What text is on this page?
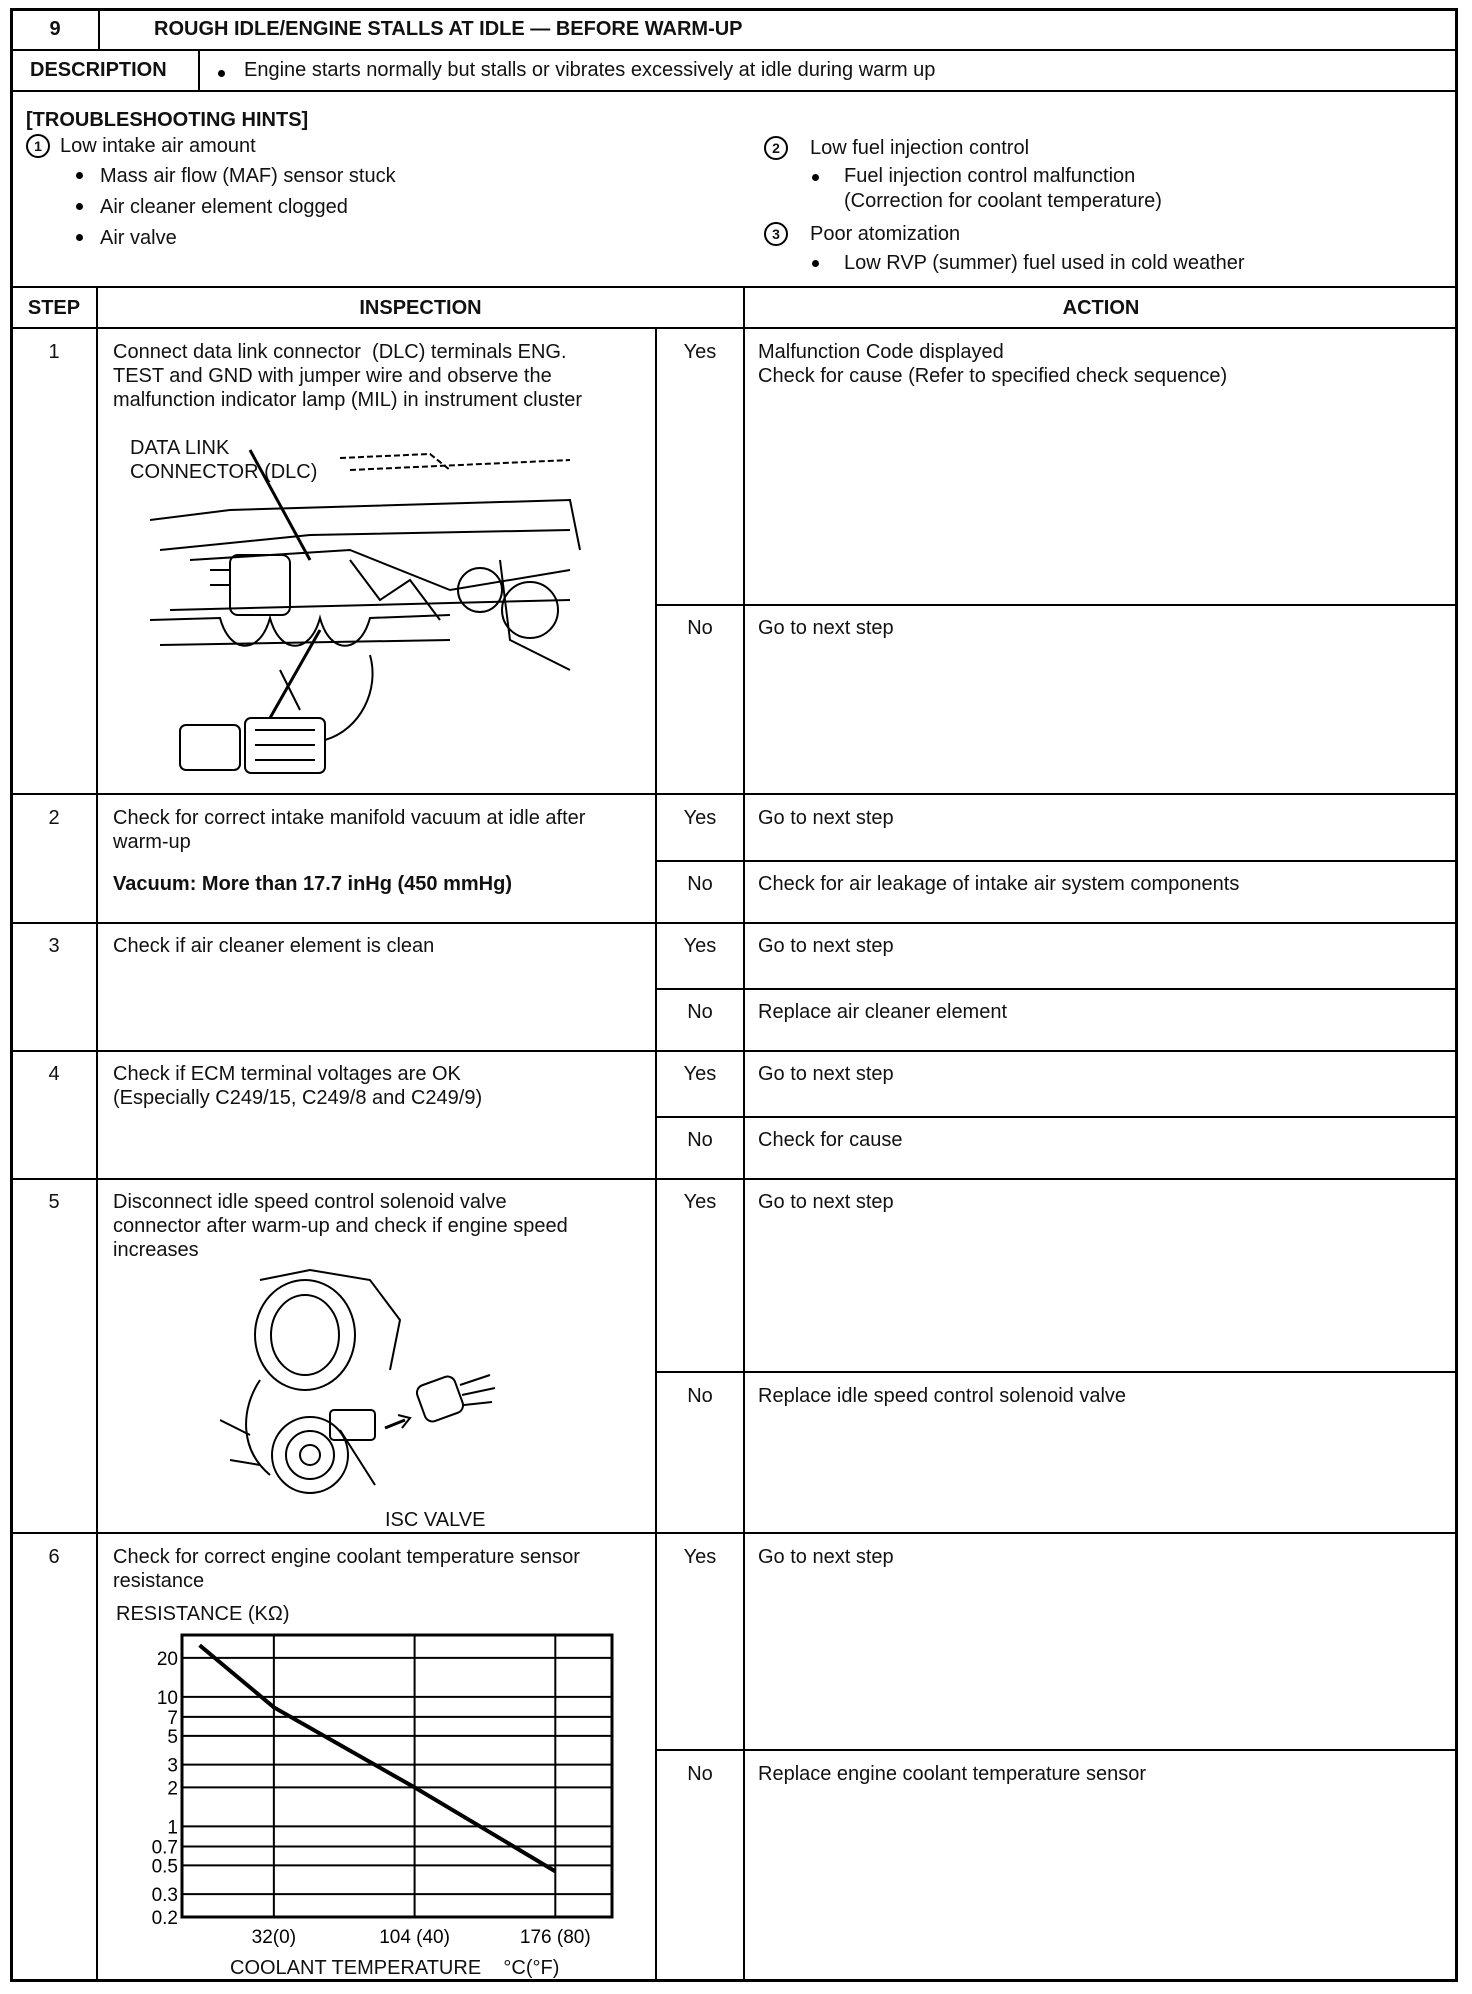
9	ROUGH IDLE/ENGINE STALLS AT IDLE — BEFORE WARM-UP
DESCRIPTION	Engine starts normally but stalls or vibrates excessively at idle during warm up
[TROUBLESHOOTING HINTS]
1 Low intake air amount
Mass air flow (MAF) sensor stuck
Air cleaner element clogged
Air valve
2	Low fuel injection control
Fuel injection control malfunction
(Correction for coolant temperature)
3	Poor atomization
Low RVP (summer) fuel used in cold weather
STEP	INSPECTION	ACTION
1	Connect data link connector  (DLC) terminals ENG.
TEST and GND with jumper wire and observe the
malfunction indicator lamp (MIL) in instrument cluster
DATA LINK
CONNECTOR (DLC)
Yes	Malfunction Code displayed
Check for cause (Refer to specified check sequence)
No	Go to next step
2	Check for correct intake manifold vacuum at idle after
warm-up
Vacuum: More than 17.7 inHg (450 mmHg)
Yes	Go to next step
No	Check for air leakage of intake air system components
3	Check if air cleaner element is clean	Yes	Go to next step
No	Replace air cleaner element
4	Check if ECM terminal voltages are OK
(Especially C249/15, C249/8 and C249/9)
Yes	Go to next step
No	Check for cause
5	Disconnect idle speed control solenoid valve
connector after warm-up and check if engine speed
increases
ISC VALVE
Yes	Go to next step
No	Replace idle speed control solenoid valve
6	Check for correct engine coolant temperature sensor
resistance
Yes	Go to next step
No	Replace engine coolant temperature sensor
RESISTANCE (KΩ)
COOLANT TEMPERATURE    °C(°F)
20
10
7
5
3
2
1
0.7
0.5
0.3
0.2
32(0)	104 (40)	176 (80)
